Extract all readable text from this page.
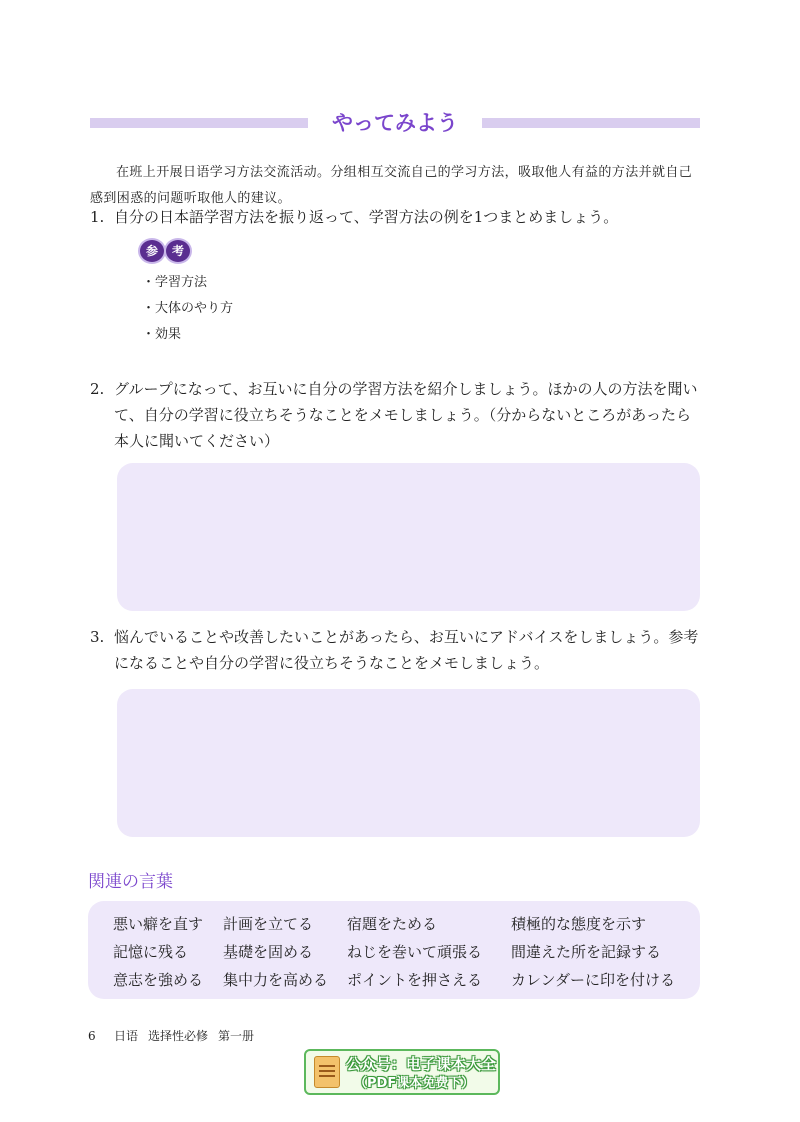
やってみよう
在班上开展日语学习方法交流活动。分组相互交流自己的学习方法，吸取他人有益的方法并就自己感到困惑的问题听取他人的建议。
1. 自分の日本語学習方法を振り返って、学習方法の例を1つまとめましょう。
参	考
・ 学習方法
・ 大体のやり方
・ 効果
2. グループになって、お互いに自分の学習方法を紹介しましょう。ほかの人の方法を聞いて、自分の学習に役立ちそうなことをメモしましょう。（分からないところがあったら本人に聞いてください）
3. 悩んでいることや改善したいことがあったら、お互いにアドバイスをしましょう。参考になることや自分の学習に役立ちそうなことをメモしましょう。
関連の言葉
悪い癖を直す	計画を立てる	宿題をためる	積極的な態度を示す
記憶に残る	基礎を固める	ねじを巻いて頑張る	間違えた所を記録する
意志を強める	集中力を高める	ポイントを押さえる	カレンダーに印を付ける
6 日语 选择性必修 第一册
公众号：电子课本大全
（PDF课本免费下）
